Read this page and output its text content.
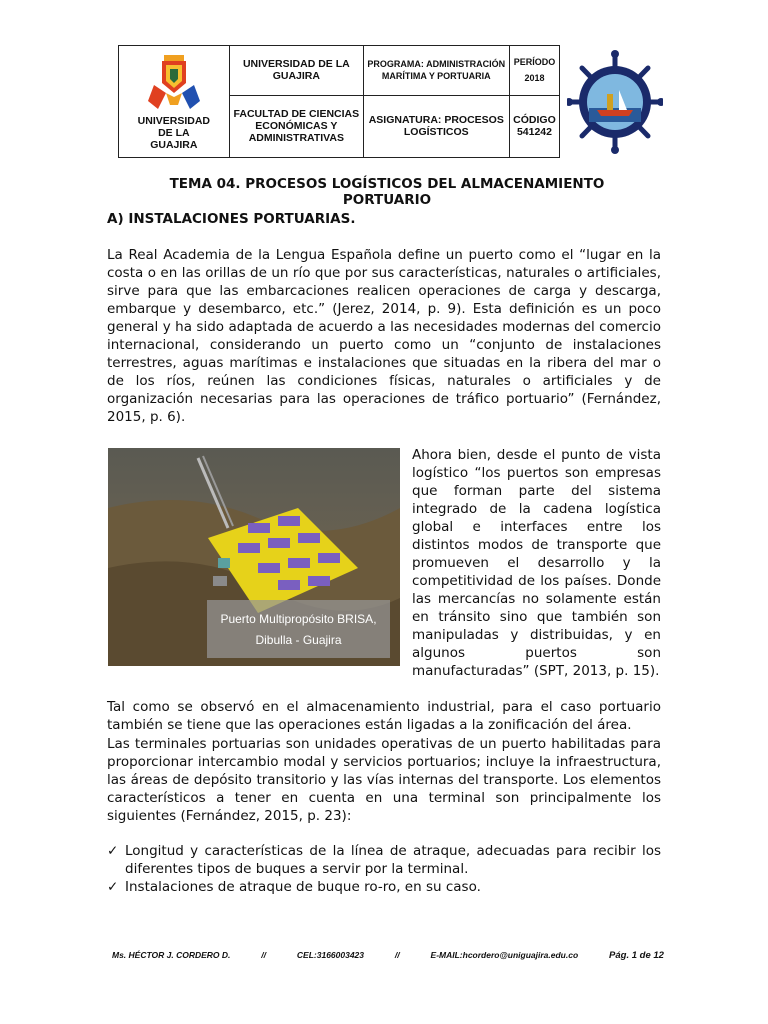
UNIVERSIDAD DE LA GUAJIRA	UNIVERSIDAD DE LA GUAJIRA	PROGRAMA: ADMINISTRACIÓN MARÍTIMA Y PORTUARIA	PERÍODO
2018	

	FACULTAD DE CIENCIAS ECONÓMICAS Y ADMINISTRATIVAS	ASIGNATURA: PROCESOS LOGÍSTICOS	CÓDIGO
541242	
TEMA 04. PROCESOS LOGÍSTICOS DEL ALMACENAMIENTO PORTUARIO
A) INSTALACIONES PORTUARIAS.
La Real Academia de la Lengua Española define un puerto como el “lugar en la costa o en las orillas de un río que por sus características, naturales o artificiales, sirve para que las embarcaciones realicen operaciones de carga y descarga, embarque y desembarco, etc.” (Jerez, 2014, p. 9). Esta definición es un poco general y ha sido adaptada de acuerdo a las necesidades modernas del comercio internacional, considerando un puerto como un “conjunto de instalaciones terrestres, aguas marítimas e instalaciones que situadas en la ribera del mar o de los ríos, reúnen las condiciones físicas, naturales o artificiales y de organización necesarias para las operaciones de tráfico portuario” (Fernández, 2015, p. 6).
Puerto Multipropósito BRISA,
Dibulla - Guajira
Ahora bien, desde el punto de vista logístico “los puertos son empresas que forman parte del sistema integrado de la cadena logística global e interfaces entre los distintos modos de transporte que promueven el desarrollo y la competitividad de los países. Donde las mercancías no solamente están en tránsito sino que también son manipuladas y distribuidas, y en algunos puertos son manufacturadas” (SPT, 2013, p. 15).
Tal como se observó en el almacenamiento industrial, para el caso portuario también se tiene que las operaciones están ligadas a la zonificación del área.
Las terminales portuarias son unidades operativas de un puerto habilitadas para proporcionar intercambio modal y servicios portuarios; incluye la infraestructura, las áreas de depósito transitorio y las vías internas del transporte. Los elementos característicos a tener en cuenta en una terminal son principalmente los siguientes (Fernández, 2015, p. 23):
✓ Longitud y características de la línea de atraque, adecuadas para recibir los diferentes tipos de buques a servir por la terminal.
✓ Instalaciones de atraque de buque ro-ro, en su caso.
Ms. HÉCTOR J. CORDERO D.	//	CEL:3166003423	//	E-MAIL:hcordero@uniguajira.edu.co	Pág. 1 de 12
